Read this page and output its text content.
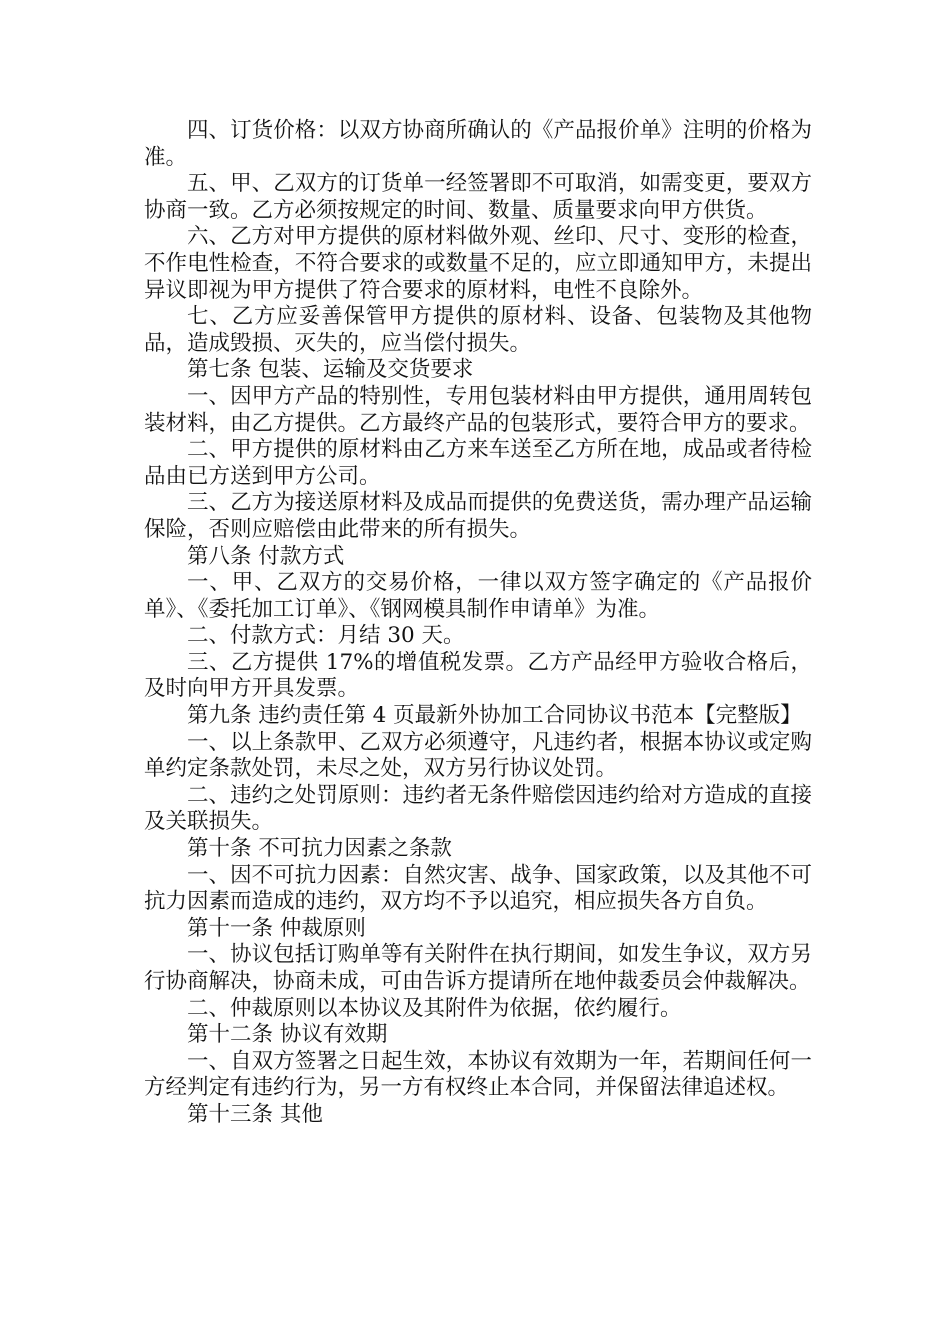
四、订货价格：以双方协商所确认的《产品报价单》注明的价格为准。

五、甲、乙双方的订货单一经签署即不可取消，如需变更，要双方协商一致。乙方必须按规定的时间、数量、质量要求向甲方供货。

六、乙方对甲方提供的原材料做外观、丝印、尺寸、变形的检查，不作电性检查，不符合要求的或数量不足的，应立即通知甲方，未提出异议即视为甲方提供了符合要求的原材料，电性不良除外。

七、乙方应妥善保管甲方提供的原材料、设备、包装物及其他物品，造成毁损、灭失的，应当偿付损失。

第七条 包装、运输及交货要求

一、因甲方产品的特别性，专用包装材料由甲方提供，通用周转包装材料，由乙方提供。乙方最终产品的包装形式，要符合甲方的要求。

二、甲方提供的原材料由乙方来车送至乙方所在地，成品或者待检品由已方送到甲方公司。

三、乙方为接送原材料及成品而提供的免费送货，需办理产品运输保险，否则应赔偿由此带来的所有损失。

第八条 付款方式

一、甲、乙双方的交易价格，一律以双方签字确定的《产品报价单》、《委托加工订单》、《钢网模具制作申请单》为准。

二、付款方式：月结 30 天。

三、乙方提供 17%的增值税发票。乙方产品经甲方验收合格后，及时向甲方开具发票。

第九条 违约责任第 4 页最新外协加工合同协议书范本【完整版】

一、以上条款甲、乙双方必须遵守，凡违约者，根据本协议或定购单约定条款处罚，未尽之处，双方另行协议处罚。

二、违约之处罚原则：违约者无条件赔偿因违约给对方造成的直接及关联损失。

第十条 不可抗力因素之条款

一、因不可抗力因素：自然灾害、战争、国家政策，以及其他不可抗力因素而造成的违约，双方均不予以追究，相应损失各方自负。

第十一条 仲裁原则

一、协议包括订购单等有关附件在执行期间，如发生争议，双方另行协商解决，协商未成，可由告诉方提请所在地仲裁委员会仲裁解决。

二、仲裁原则以本协议及其附件为依据，依约履行。

第十二条 协议有效期

一、自双方签署之日起生效，本协议有效期为一年，若期间任何一方经判定有违约行为，另一方有权终止本合同，并保留法律追述权。

第十三条 其他
